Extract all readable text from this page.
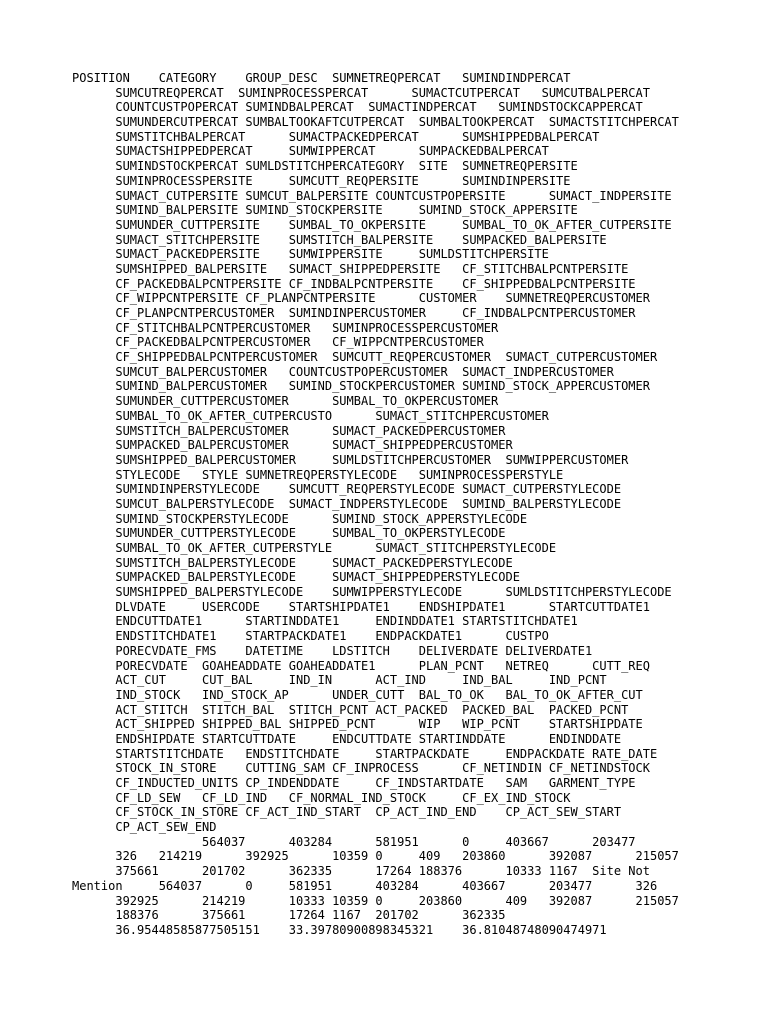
POSITION    CATEGORY    GROUP_DESC  SUMNETREQPERCAT   SUMINDINDPERCAT
SUMCUTREQPERCAT  SUMINPROCESSPERCAT      SUMACTCUTPERCAT   SUMCUTBALPERCAT
COUNTCUSTPOPERCAT SUMINDBALPERCAT  SUMACTINDPERCAT   SUMINDSTOCKCAPPERCAT
SUMUNDERCUTPERCAT SUMBALTOOKAFTCUTPERCAT  SUMBALTOOKPERCAT  SUMACTSTITCHPERCAT
SUMSTITCHBALPERCAT      SUMACTPACKEDPERCAT      SUMSHIPPEDBALPERCAT
SUMACTSHIPPEDPERCAT     SUMWIPPERCAT      SUMPACKEDBALPERCAT
SUMINDSTOCKPERCAT SUMLDSTITCHPERCATEGORY  SITE  SUMNETREQPERSITE
SUMINPROCESSPERSITE     SUMCUTT_REQPERSITE      SUMINDINPERSITE
SUMACT_CUTPERSITE SUMCUT_BALPERSITE COUNTCUSTPOPERSITE      SUMACT_INDPERSITE
SUMIND_BALPERSITE SUMIND_STOCKPERSITE     SUMIND_STOCK_APPERSITE
SUMUNDER_CUTTPERSITE    SUMBAL_TO_OKPERSITE     SUMBAL_TO_OK_AFTER_CUTPERSITE
SUMACT_STITCHPERSITE    SUMSTITCH_BALPERSITE    SUMPACKED_BALPERSITE
SUMACT_PACKEDPERSITE    SUMWIPPERSITE     SUMLDSTITCHPERSITE
SUMSHIPPED_BALPERSITE   SUMACT_SHIPPEDPERSITE   CF_STITCHBALPCNTPERSITE
CF_PACKEDBALPCNTPERSITE CF_INDBALPCNTPERSITE    CF_SHIPPEDBALPCNTPERSITE
CF_WIPPCNTPERSITE CF_PLANPCNTPERSITE      CUSTOMER    SUMNETREQPERCUSTOMER
CF_PLANPCNTPERCUSTOMER  SUMINDINPERCUSTOMER     CF_INDBALPCNTPERCUSTOMER
CF_STITCHBALPCNTPERCUSTOMER   SUMINPROCESSPERCUSTOMER
CF_PACKEDBALPCNTPERCUSTOMER   CF_WIPPCNTPERCUSTOMER
CF_SHIPPEDBALPCNTPERCUSTOMER  SUMCUTT_REQPERCUSTOMER  SUMACT_CUTPERCUSTOMER
SUMCUT_BALPERCUSTOMER   COUNTCUSTPOPERCUSTOMER  SUMACT_INDPERCUSTOMER
SUMIND_BALPERCUSTOMER   SUMIND_STOCKPERCUSTOMER SUMIND_STOCK_APPERCUSTOMER
SUMUNDER_CUTTPERCUSTOMER      SUMBAL_TO_OKPERCUSTOMER
SUMBAL_TO_OK_AFTER_CUTPERCUSTO      SUMACT_STITCHPERCUSTOMER
SUMSTITCH_BALPERCUSTOMER      SUMACT_PACKEDPERCUSTOMER
SUMPACKED_BALPERCUSTOMER      SUMACT_SHIPPEDPERCUSTOMER
SUMSHIPPED_BALPERCUSTOMER     SUMLDSTITCHPERCUSTOMER  SUMWIPPERCUSTOMER
STYLECODE   STYLE SUMNETREQPERSTYLECODE   SUMINPROCESSPERSTYLE
SUMINDINPERSTYLECODE    SUMCUTT_REQPERSTYLECODE SUMACT_CUTPERSTYLECODE
SUMCUT_BALPERSTYLECODE  SUMACT_INDPERSTYLECODE  SUMIND_BALPERSTYLECODE
SUMIND_STOCKPERSTYLECODE      SUMIND_STOCK_APPERSTYLECODE
SUMUNDER_CUTTPERSTYLECODE     SUMBAL_TO_OKPERSTYLECODE
SUMBAL_TO_OK_AFTER_CUTPERSTYLE      SUMACT_STITCHPERSTYLECODE
SUMSTITCH_BALPERSTYLECODE     SUMACT_PACKEDPERSTYLECODE
SUMPACKED_BALPERSTYLECODE     SUMACT_SHIPPEDPERSTYLECODE
SUMSHIPPED_BALPERSTYLECODE    SUMWIPPERSTYLECODE      SUMLDSTITCHPERSTYLECODE
DLVDATE     USERCODE    STARTSHIPDATE1    ENDSHIPDATE1      STARTCUTTDATE1
ENDCUTTDATE1      STARTINDDATE1     ENDINDDATE1 STARTSTITCHDATE1
ENDSTITCHDATE1    STARTPACKDATE1    ENDPACKDATE1      CUSTPO
PORECVDATE_FMS    DATETIME    LDSTITCH    DELIVERDATE DELIVERDATE1
PORECVDATE  GOAHEADDATE GOAHEADDATE1      PLAN_PCNT   NETREQ      CUTT_REQ
ACT_CUT     CUT_BAL     IND_IN      ACT_IND     IND_BAL     IND_PCNT
IND_STOCK   IND_STOCK_AP      UNDER_CUTT  BAL_TO_OK   BAL_TO_OK_AFTER_CUT
ACT_STITCH  STITCH_BAL  STITCH_PCNT ACT_PACKED  PACKED_BAL  PACKED_PCNT
ACT_SHIPPED SHIPPED_BAL SHIPPED_PCNT      WIP   WIP_PCNT    STARTSHIPDATE
ENDSHIPDATE STARTCUTTDATE     ENDCUTTDATE STARTINDDATE      ENDINDDATE
STARTSTITCHDATE   ENDSTITCHDATE     STARTPACKDATE     ENDPACKDATE RATE_DATE
STOCK_IN_STORE    CUTTING_SAM CF_INPROCESS      CF_NETINDIN CF_NETINDSTOCK
CF_INDUCTED_UNITS CP_INDENDDATE     CF_INDSTARTDATE   SAM   GARMENT_TYPE
CF_LD_SEW   CF_LD_IND   CF_NORMAL_IND_STOCK     CF_EX_IND_STOCK
CF_STOCK_IN_STORE CF_ACT_IND_START  CP_ACT_IND_END    CP_ACT_SEW_START
CP_ACT_SEW_END
564037      403284      581951      0     403667      203477
326   214219      392925      10359 0     409   203860      392087      215057
375661      201702      362335      17264 188376      10333 1167  Site Not
Mention     564037      0     581951      403284      403667      203477      326
392925      214219      10333 10359 0     203860      409   392087      215057
188376      375661      17264 1167  201702      362335
36.95448585877505151    33.39780900898345321    36.81048748090474971
